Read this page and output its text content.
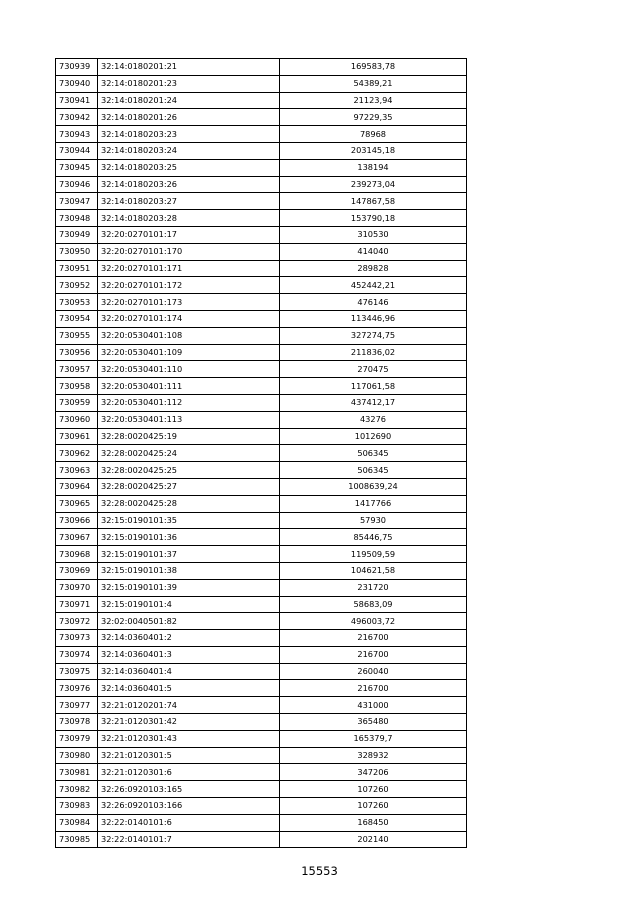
730939	32:14:0180201:21	169583,78
730940	32:14:0180201:23	54389,21
730941	32:14:0180201:24	21123,94
730942	32:14:0180201:26	97229,35
730943	32:14:0180203:23	78968
730944	32:14:0180203:24	203145,18
730945	32:14:0180203:25	138194
730946	32:14:0180203:26	239273,04
730947	32:14:0180203:27	147867,58
730948	32:14:0180203:28	153790,18
730949	32:20:0270101:17	310530
730950	32:20:0270101:170	414040
730951	32:20:0270101:171	289828
730952	32:20:0270101:172	452442,21
730953	32:20:0270101:173	476146
730954	32:20:0270101:174	113446,96
730955	32:20:0530401:108	327274,75
730956	32:20:0530401:109	211836,02
730957	32:20:0530401:110	270475
730958	32:20:0530401:111	117061,58
730959	32:20:0530401:112	437412,17
730960	32:20:0530401:113	43276
730961	32:28:0020425:19	1012690
730962	32:28:0020425:24	506345
730963	32:28:0020425:25	506345
730964	32:28:0020425:27	1008639,24
730965	32:28:0020425:28	1417766
730966	32:15:0190101:35	57930
730967	32:15:0190101:36	85446,75
730968	32:15:0190101:37	119509,59
730969	32:15:0190101:38	104621,58
730970	32:15:0190101:39	231720
730971	32:15:0190101:4	58683,09
730972	32:02:0040501:82	496003,72
730973	32:14:0360401:2	216700
730974	32:14:0360401:3	216700
730975	32:14:0360401:4	260040
730976	32:14:0360401:5	216700
730977	32:21:0120201:74	431000
730978	32:21:0120301:42	365480
730979	32:21:0120301:43	165379,7
730980	32:21:0120301:5	328932
730981	32:21:0120301:6	347206
730982	32:26:0920103:165	107260
730983	32:26:0920103:166	107260
730984	32:22:0140101:6	168450
730985	32:22:0140101:7	202140
15553
